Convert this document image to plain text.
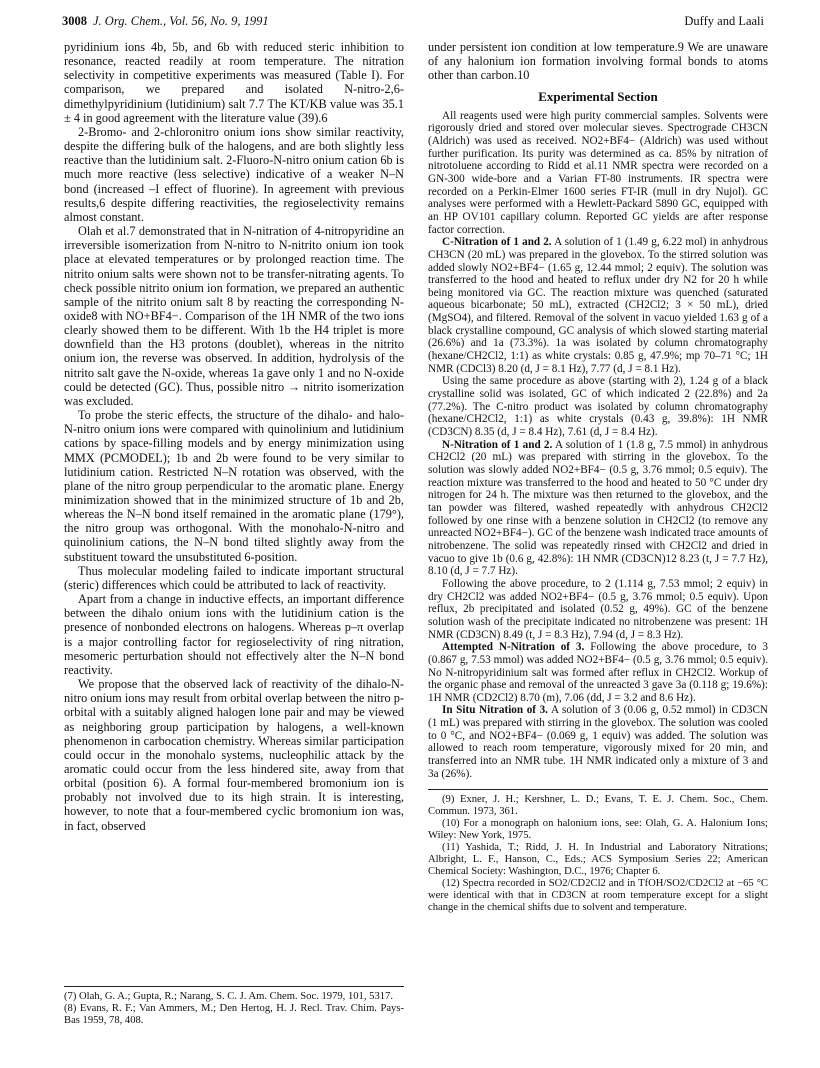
3008 J. Org. Chem., Vol. 56, No. 9, 1991	Duffy and Laali

pyridinium ions 4b, 5b, and 6b with reduced steric inhibition to resonance, reacted readily at room temperature. The nitration selectivity in competitive experiments was measured (Table I). For comparison, we prepared and isolated N-nitro-2,6-dimethylpyridinium (lutidinium) salt 7.7 The KT/KB value was 35.1 ± 4 in good agreement with the literature value (39).6

2-Bromo- and 2-chloronitro onium ions show similar reactivity, despite the differing bulk of the halogens, and are both slightly less reactive than the lutidinium salt. 2-Fluoro-N-nitro onium cation 6b is much more reactive (less selective) indicative of a weaker N–N bond (increased –I effect of fluorine). In agreement with previous results,6 despite differing reactivities, the regioselectivity remains almost constant.

Olah et al.7 demonstrated that in N-nitration of 4-nitropyridine an irreversible isomerization from N-nitro to N-nitrito onium ion took place at elevated temperatures or by prolonged reaction time. The nitrito onium salts were shown not to be transfer-nitrating agents. To check possible nitrito onium ion formation, we prepared an authentic sample of the nitrito onium salt 8 by reacting the corresponding N-oxide8 with NO+BF4−. Comparison of the 1H NMR of the two ions clearly showed them to be different. With 1b the H4 triplet is more downfield than the H3 protons (doublet), whereas in the nitrito onium ion, the reverse was observed. In addition, hydrolysis of the nitrito salt gave the N-oxide, whereas 1a gave only 1 and no N-oxide could be detected (GC). Thus, possible nitro → nitrito isomerization was excluded.

To probe the steric effects, the structure of the dihalo- and halo-N-nitro onium ions were compared with quinolinium and lutidinium cations by space-filling models and by energy minimization using MMX (PCMODEL); 1b and 2b were found to be very similar to lutidinium cation. Restricted N–N rotation was observed, with the plane of the nitro group perpendicular to the aromatic plane. Energy minimization showed that in the minimized structure of 1b and 2b, whereas the N–N bond itself remained in the aromatic plane (179°), the nitro group was orthogonal. With the monohalo-N-nitro and quinolinium cations, the N–N bond tilted slightly away from the substituent toward the unsubstituted 6-position.

Thus molecular modeling failed to indicate important structural (steric) differences which could be attributed to lack of reactivity.

Apart from a change in inductive effects, an important difference between the dihalo onium ions with the lutidinium cation is the presence of nonbonded electrons on halogens. Whereas p–π overlap is a major controlling factor for regioselectivity of ring nitration, mesomeric perturbation should not effectively alter the N–N bond reactivity.

We propose that the observed lack of reactivity of the dihalo-N-nitro onium ions may result from orbital overlap between the nitro p-orbital with a suitably aligned halogen lone pair and may be viewed as neighboring group participation by halogens, a well-known phenomenon in carbocation chemistry. Whereas similar participation could occur in the monohalo systems, nucleophilic attack by the aromatic could occur from the less hindered site, away from that orbital (position 6). A formal four-membered bromonium ion is probably not involved due to its high strain. It is interesting, however, to note that a four-membered cyclic bromonium ion was, in fact, observed

(7) Olah, G. A.; Gupta, R.; Narang, S. C. J. Am. Chem. Soc. 1979, 101, 5317.

(8) Evans, R. F.; Van Ammers, M.; Den Hertog, H. J. Recl. Trav. Chim. Pays-Bas 1959, 78, 408.

under persistent ion condition at low temperature.9 We are unaware of any halonium ion formation involving formal bonds to atoms other than carbon.10

Experimental Section

All reagents used were high purity commercial samples. Solvents were rigorously dried and stored over molecular sieves. Spectrograde CH3CN (Aldrich) was used as received. NO2+BF4− (Aldrich) was used without further purification. Its purity was determined as ca. 85% by nitration of nitrotoluene according to Ridd et al.11 NMR spectra were recorded on a GN-300 wide-bore and a Varian FT-80 instruments. IR spectra were recorded on a Perkin-Elmer 1600 series FT-IR (mull in dry Nujol). GC analyses were performed with a Hewlett-Packard 5890 GC, equipped with an HP OV101 capillary column. Reported GC yields are after response factor correction.

C-Nitration of 1 and 2. A solution of 1 (1.49 g, 6.22 mol) in anhydrous CH3CN (20 mL) was prepared in the glovebox. To the stirred solution was added slowly NO2+BF4− (1.65 g, 12.44 mmol; 2 equiv). The solution was transferred to the hood and heated to reflux under dry N2 for 20 h while being monitored via GC. The reaction mixture was quenched (saturated aqueous bicarbonate; 50 mL), extracted (CH2Cl2; 3 × 50 mL), dried (MgSO4), and filtered. Removal of the solvent in vacuo yielded 1.63 g of a black crystalline compound, GC analysis of which slowed starting material (26.6%) and 1a (73.3%). 1a was isolated by column chromatography (hexane/CH2Cl2, 1:1) as white crystals: 0.85 g, 47.9%; mp 70–71 °C; 1H NMR (CDCl3) 8.20 (d, J = 8.1 Hz), 7.77 (d, J = 8.1 Hz).

Using the same procedure as above (starting with 2), 1.24 g of a black crystalline solid was isolated, GC of which indicated 2 (22.8%) and 2a (77.2%). The C-nitro product was isolated by column chromatography (hexane/CH2Cl2, 1:1) as white crystals (0.43 g, 39.8%): 1H NMR (CD3CN) 8.35 (d, J = 8.4 Hz), 7.61 (d, J = 8.4 Hz).

N-Nitration of 1 and 2. A solution of 1 (1.8 g, 7.5 mmol) in anhydrous CH2Cl2 (20 mL) was prepared with stirring in the glovebox. To the solution was slowly added NO2+BF4− (0.5 g, 3.76 mmol; 0.5 equiv). The reaction mixture was transferred to the hood and heated to 50 °C under dry nitrogen for 24 h. The mixture was then returned to the glovebox, and the tan powder was filtered, washed repeatedly with anhydrous CH2Cl2 followed by one rinse with a benzene solution in CH2Cl2 (to remove any unreacted NO2+BF4−). GC of the benzene wash indicated trace amounts of nitrobenzene. The solid was repeatedly rinsed with CH2Cl2 and dried in vacuo to give 1b (0.6 g, 42.8%): 1H NMR (CD3CN)12 8.23 (t, J = 7.7 Hz), 8.10 (d, J = 7.7 Hz).

Following the above procedure, to 2 (1.114 g, 7.53 mmol; 2 equiv) in dry CH2Cl2 was added NO2+BF4− (0.5 g, 3.76 mmol; 0.5 equiv). Upon reflux, 2b precipitated and isolated (0.52 g, 49%). GC of the benzene solution wash of the precipitate indicated no nitrobenzene was present: 1H NMR (CD3CN) 8.49 (t, J = 8.3 Hz), 7.94 (d, J = 8.3 Hz).

Attempted N-Nitration of 3. Following the above procedure, to 3 (0.867 g, 7.53 mmol) was added NO2+BF4− (0.5 g, 3.76 mmol; 0.5 equiv). No N-nitropyridinium salt was formed after reflux in CH2Cl2. Workup of the organic phase and removal of the unreacted 3 gave 3a (0.118 g; 19.6%): 1H NMR (CD2Cl2) 8.70 (m), 7.06 (dd, J = 3.2 and 8.6 Hz).

In Situ Nitration of 3. A solution of 3 (0.06 g, 0.52 mmol) in CD3CN (1 mL) was prepared with stirring in the glovebox. The solution was cooled to 0 °C, and NO2+BF4− (0.069 g, 1 equiv) was added. The solution was allowed to reach room temperature, vigorously mixed for 20 min, and transferred into an NMR tube. 1H NMR indicated only a mixture of 3 and 3a (26%).

(9) Exner, J. H.; Kershner, L. D.; Evans, T. E. J. Chem. Soc., Chem. Commun. 1973, 361.

(10) For a monograph on halonium ions, see: Olah, G. A. Halonium Ions; Wiley: New York, 1975.

(11) Yashida, T.; Ridd, J. H. In Industrial and Laboratory Nitrations; Albright, L. F., Hanson, C., Eds.; ACS Symposium Series 22; American Chemical Society: Washington, D.C., 1976; Chapter 6.

(12) Spectra recorded in SO2/CD2Cl2 and in TfOH/SO2/CD2Cl2 at −65 °C were identical with that in CD3CN at room temperature except for a slight change in the chemical shifts due to solvent and temperature.
